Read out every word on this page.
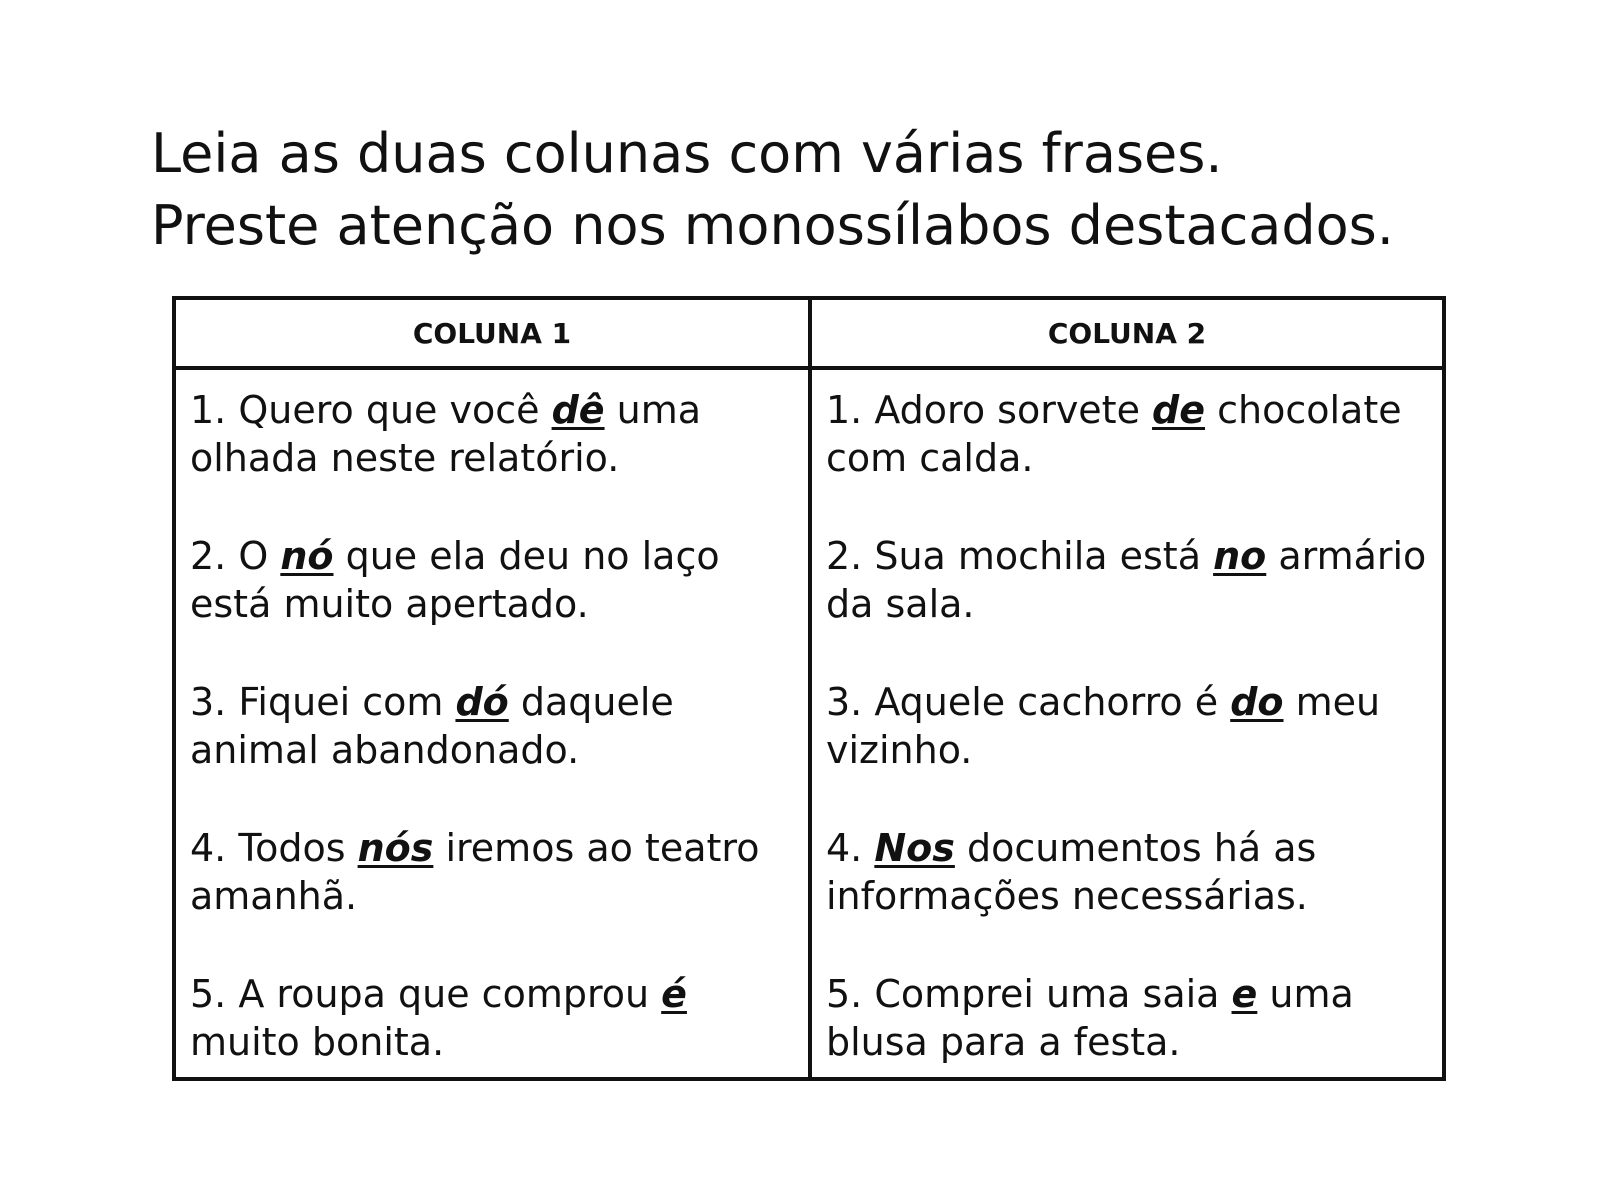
Leia as duas colunas com várias frases.
Preste atenção nos monossílabos destacados.
COLUNA 1	COLUNA 2
1. Quero que você dê uma olhada neste relatório.
2. O nó que ela deu no laço está muito apertado.
3. Fiquei com dó daquele animal abandonado.
4. Todos nós iremos ao teatro amanhã.
5. A roupa que comprou é muito bonita.
1. Adoro sorvete de chocolate com calda.
2. Sua mochila está no armário da sala.
3. Aquele cachorro é do meu vizinho.
4. Nos documentos há as informações necessárias.
5. Comprei uma saia e uma blusa para a festa.
